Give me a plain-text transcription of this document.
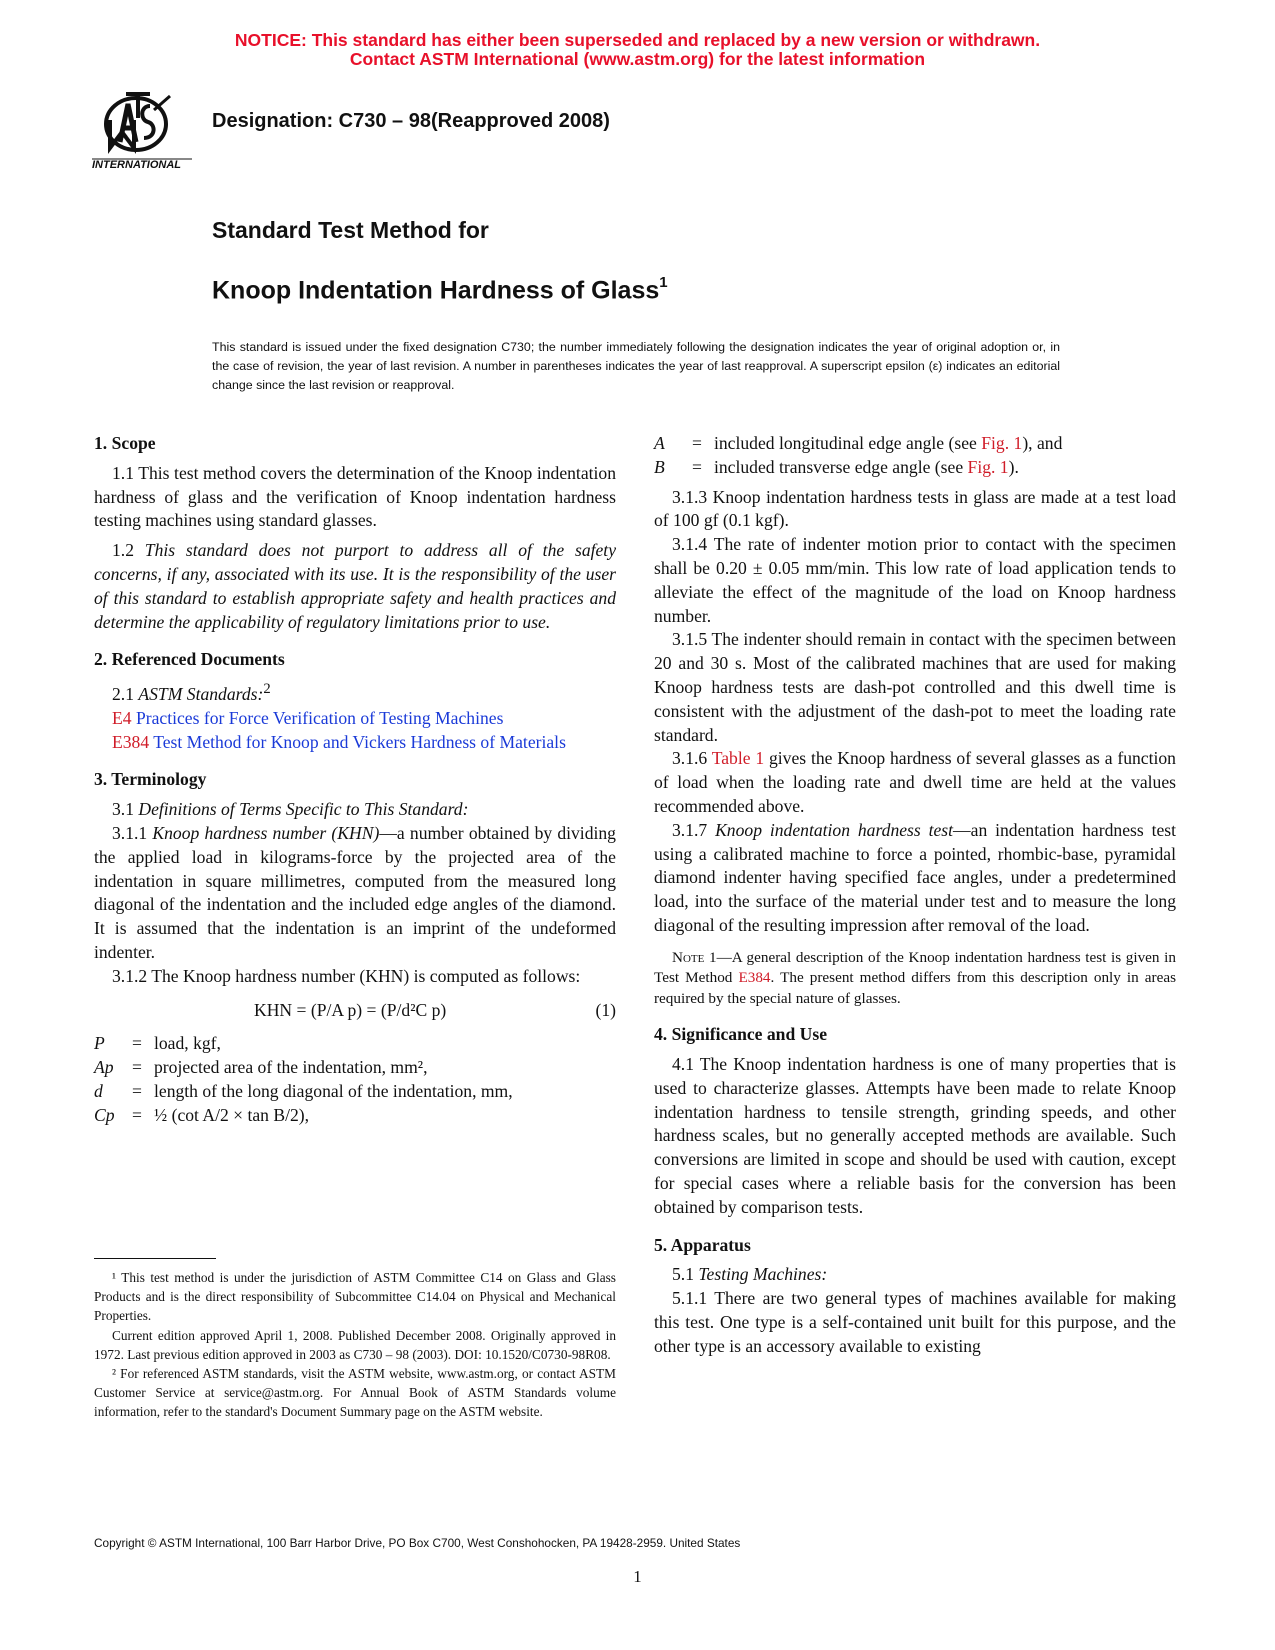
NOTICE: This standard has either been superseded and replaced by a new version or withdrawn.
Contact ASTM International (www.astm.org) for the latest information
INTERNATIONAL
Designation: C730 – 98(Reapproved 2008)
Standard Test Method for
Knoop Indentation Hardness of Glass$^1$
This standard is issued under the fixed designation C730; the number immediately following the designation indicates the year of original adoption or, in the case of revision, the year of last revision. A number in parentheses indicates the year of last reapproval. A superscript epsilon (ε) indicates an editorial change since the last revision or reapproval.
1. Scope

1.1 This test method covers the determination of the Knoop indentation hardness of glass and the verification of Knoop indentation hardness testing machines using standard glasses.

1.2 This standard does not purport to address all of the safety concerns, if any, associated with its use. It is the responsibility of the user of this standard to establish appropriate safety and health practices and determine the applicability of regulatory limitations prior to use.

2. Referenced Documents

2.1 ASTM Standards:$^2$

E4 Practices for Force Verification of Testing Machines

E384 Test Method for Knoop and Vickers Hardness of Materials

3. Terminology

3.1 Definitions of Terms Specific to This Standard:

3.1.1 Knoop hardness number (KHN)—a number obtained by dividing the applied load in kilograms-force by the projected area of the indentation in square millimetres, computed from the measured long diagonal of the indentation and the included edge angles of the diamond. It is assumed that the indentation is an imprint of the undeformed indenter.

3.1.2 The Knoop hardness number (KHN) is computed as follows:

KHN = (P/A p) = (P/d²C p)	(1)
P	= load, kgf,
Ap	= projected area of the indentation, mm²,
d	= length of the long diagonal of the indentation, mm,
Cp = ½ (cot A/2 × tan B/2),

¹ This test method is under the jurisdiction of ASTM Committee C14 on Glass and Glass Products and is the direct responsibility of Subcommittee C14.04 on Physical and Mechanical Properties.

Current edition approved April 1, 2008. Published December 2008. Originally approved in 1972. Last previous edition approved in 2003 as C730 – 98 (2003). DOI: 10.1520/C0730-98R08.

² For referenced ASTM standards, visit the ASTM website, www.astm.org, or contact ASTM Customer Service at service@astm.org. For Annual Book of ASTM Standards volume information, refer to the standard's Document Summary page on the ASTM website.

A	= included longitudinal edge angle (see Fig. 1), and
B	= included transverse edge angle (see Fig. 1).

3.1.3 Knoop indentation hardness tests in glass are made at a test load of 100 gf (0.1 kgf).

3.1.4 The rate of indenter motion prior to contact with the specimen shall be 0.20 ± 0.05 mm/min. This low rate of load application tends to alleviate the effect of the magnitude of the load on Knoop hardness number.

3.1.5 The indenter should remain in contact with the specimen between 20 and 30 s. Most of the calibrated machines that are used for making Knoop hardness tests are dash-pot controlled and this dwell time is consistent with the adjustment of the dash-pot to meet the loading rate standard.

3.1.6 Table 1 gives the Knoop hardness of several glasses as a function of load when the loading rate and dwell time are held at the values recommended above.

3.1.7 Knoop indentation hardness test—an indentation hardness test using a calibrated machine to force a pointed, rhombic-base, pyramidal diamond indenter having specified face angles, under a predetermined load, into the surface of the material under test and to measure the long diagonal of the resulting impression after removal of the load.

Note 1—A general description of the Knoop indentation hardness test is given in Test Method E384. The present method differs from this description only in areas required by the special nature of glasses.

4. Significance and Use

4.1 The Knoop indentation hardness is one of many properties that is used to characterize glasses. Attempts have been made to relate Knoop indentation hardness to tensile strength, grinding speeds, and other hardness scales, but no generally accepted methods are available. Such conversions are limited in scope and should be used with caution, except for special cases where a reliable basis for the conversion has been obtained by comparison tests.

5. Apparatus

5.1 Testing Machines:

5.1.1 There are two general types of machines available for making this test. One type is a self-contained unit built for this purpose, and the other type is an accessory available to existing

Copyright © ASTM International, 100 Barr Harbor Drive, PO Box C700, West Conshohocken, PA 19428-2959. United States
1
